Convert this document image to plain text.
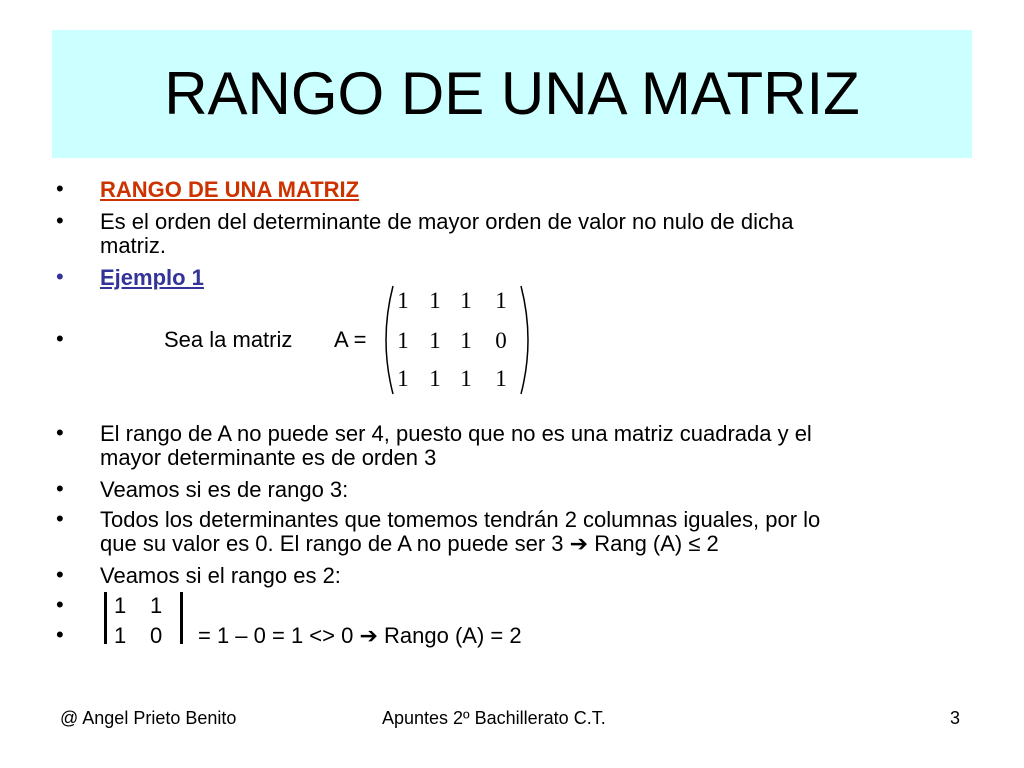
RANGO DE UNA MATRIZ
• RANGO DE UNA MATRIZ
• Es el orden del determinante de mayor orden de valor no nulo de dicha
matriz.
• Ejemplo 1
•	Sea la matriz A =
1 1 1 1
1 1 1 0
1 1 1 1
• El rango de A no puede ser 4, puesto que no es una matriz cuadrada y el
mayor determinante es de orden 3
• Veamos si es de rango 3:
• Todos los determinantes que tomemos tendrán 2 columnas iguales, por lo
que su valor es 0. El rango de A no puede ser 3 ➔ Rang (A) ≤ 2
• Veamos si el rango es 2:
•
•
1 1
1 0 = 1 – 0 = 1 <> 0 ➔ Rango (A) = 2
@ Angel Prieto Benito	Apuntes 2º Bachillerato C.T.	3
